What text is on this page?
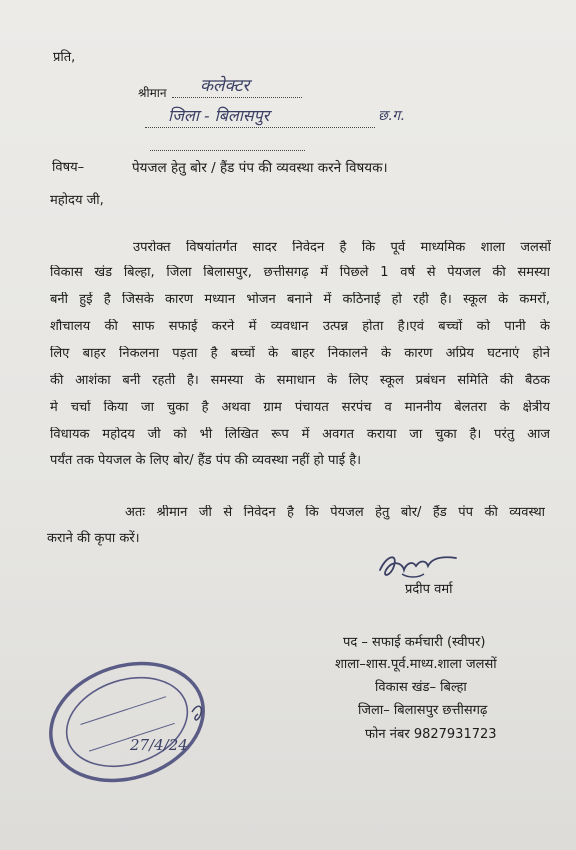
प्रति,
श्रीमान कलेक्टर
जिला - बिलासपुर	छ.ग.
विषय–	पेयजल हेतु बोर / हैंड पंप की व्यवस्था करने विषयक।
महोदय जी,
उपरोक्त विषयांतर्गत सादर निवेदन है कि पूर्व माध्यमिक शाला जलसों
विकास खंड बिल्हा, जिला बिलासपुर, छत्तीसगढ़ में पिछले 1 वर्ष से पेयजल की समस्या
बनी हुई है जिसके कारण मध्यान भोजन बनाने में कठिनाई हो रही है। स्कूल के कमरों,
शौचालय की साफ सफाई करने में व्यवधान उत्पन्न होता है।एवं बच्चों को पानी के
लिए बाहर निकलना पड़ता है बच्चों के बाहर निकालने के कारण अप्रिय घटनाएं होने
की आशंका बनी रहती है। समस्या के समाधान के लिए स्कूल प्रबंधन समिति की बैठक
मे चर्चा किया जा चुका है अथवा ग्राम पंचायत सरपंच व माननीय बेलतरा के क्षेत्रीय
विधायक महोदय जी को भी लिखित रूप में अवगत कराया जा चुका है। परंतु आज
पर्यंत तक पेयजल के लिए बोर/ हैंड पंप की व्यवस्था नहीं हो पाई है।
अतः श्रीमान जी से निवेदन है कि पेयजल हेतु बोर/ हैंड पंप की व्यवस्था
कराने की कृपा करें।
प्रदीप वर्मा
पद – सफाई कर्मचारी (स्वीपर)
शाला–शास.पूर्व.माध्य.शाला जलसों
विकास खंड– बिल्हा
जिला– बिलासपुर छत्तीसगढ़
फोन नंबर 9827931723
27/4/24
